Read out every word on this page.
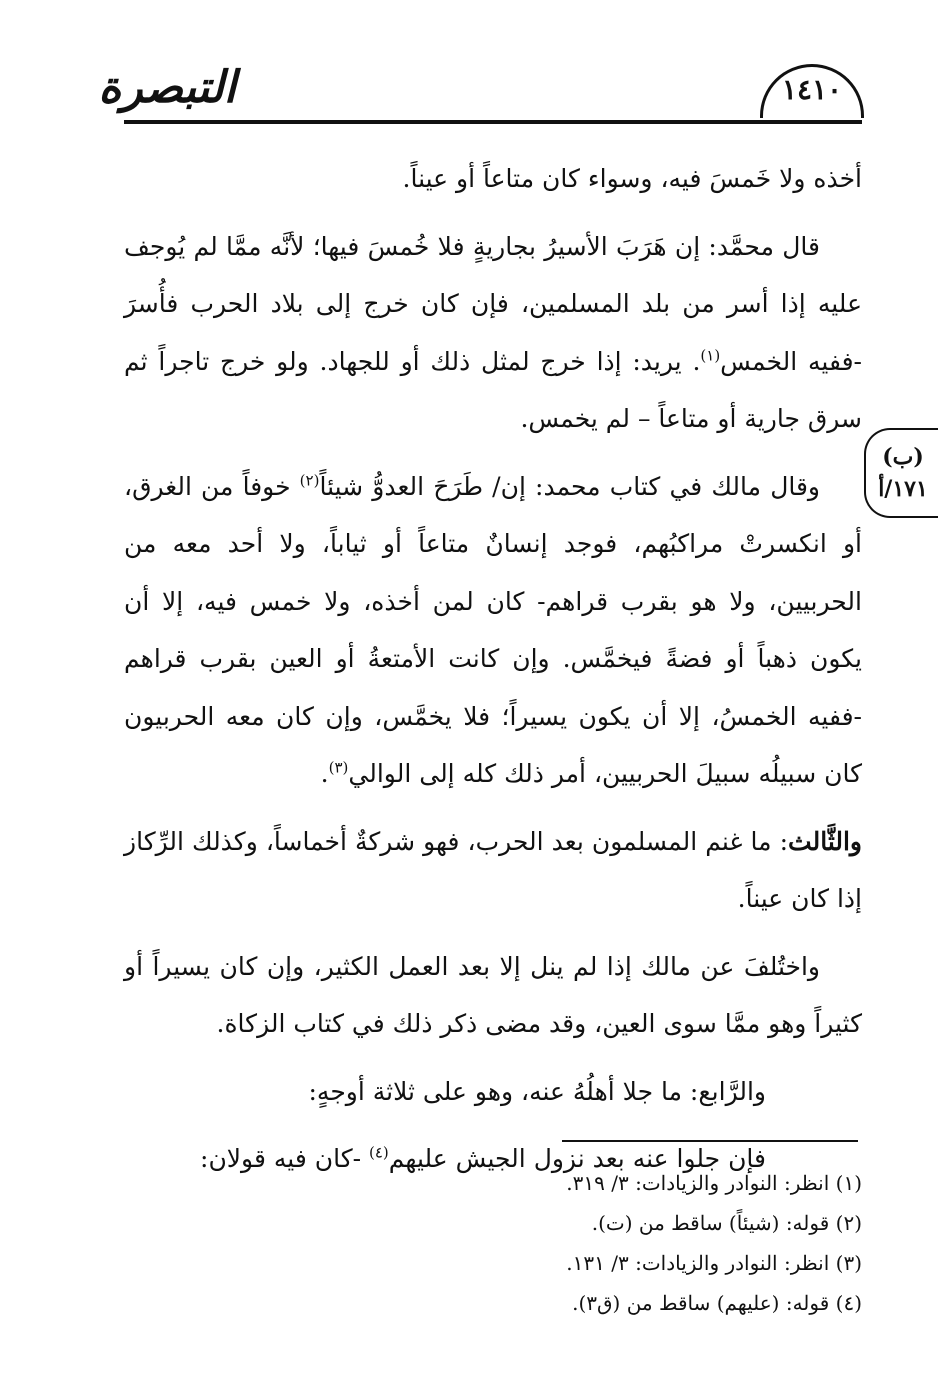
التبصرة	١٤١٠
(ب)
١٧١/أ

أخذه ولا خَمسَ فيه، وسواء كان متاعاً أو عيناً.

قال محمَّد: إن هَرَبَ الأسيرُ بجاريةٍ فلا خُمسَ فيها؛ لأنَّه ممَّا لم يُوجف عليه إذا أسر من بلد المسلمين، فإن كان خرج إلى بلاد الحرب فأُسرَ -ففيه الخمس$^{(١)}$. يريد: إذا خرج لمثل ذلك أو للجهاد. ولو خرج تاجراً ثم سرق جارية أو متاعاً – لم يخمس.

وقال مالك في كتاب محمد: إن/ طَرَحَ العدوُّ شيئاً$^{(٢)}$ خوفاً من الغرق، أو انكسرتْ مراكبُهم، فوجد إنسانٌ متاعاً أو ثياباً، ولا أحد معه من الحربيين، ولا هو بقرب قراهم- كان لمن أخذه، ولا خمس فيه، إلا أن يكون ذهباً أو فضةً فيخمَّس. وإن كانت الأمتعةُ أو العين بقرب قراهم -ففيه الخمسُ، إلا أن يكون يسيراً؛ فلا يخمَّس، وإن كان معه الحربيون كان سبيلُه سبيلَ الحربيين، أمر ذلك كله إلى الوالي$^{(٣)}$.

والثَّالث: ما غنم المسلمون بعد الحرب، فهو شركةٌ أخماساً، وكذلك الرِّكاز إذا كان عيناً.

واختُلفَ عن مالك إذا لم ينل إلا بعد العمل الكثير، وإن كان يسيراً أو كثيراً وهو ممَّا سوى العين، وقد مضى ذكر ذلك في كتاب الزكاة.

والرَّابع: ما جلا أهلُهُ عنه، وهو على ثلاثة أوجهٍ:

فإن جلوا عنه بعد نزول الجيش عليهم$^{(٤)}$ -كان فيه قولان:

(١) انظر: النوادر والزيادات: ٣/ ٣١٩.

(٢) قوله: (شيئاً) ساقط من (ت).

(٣) انظر: النوادر والزيادات: ٣/ ١٣١.

(٤) قوله: (عليهم) ساقط من (ق٣).
